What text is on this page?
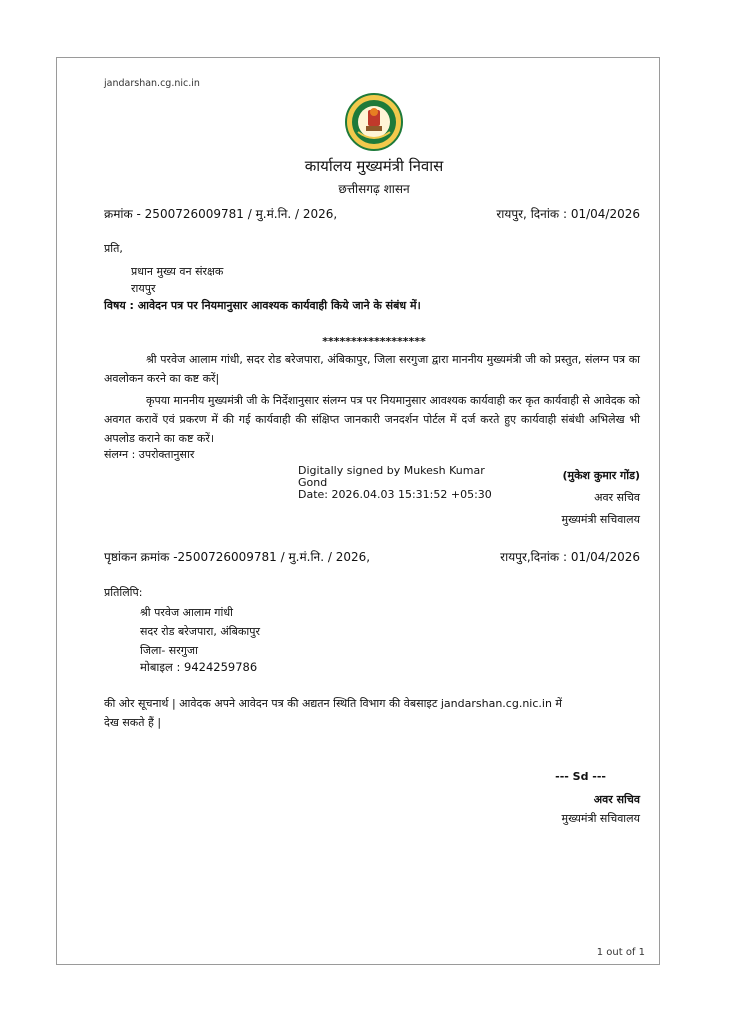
jandarshan.cg.nic.in
कार्यालय मुख्यमंत्री निवास
छत्तीसगढ़ शासन
क्रमांक - 2500726009781 / मु.मं.नि. / 2026,	रायपुर, दिनांक : 01/04/2026
प्रति,
प्रधान मुख्य वन संरक्षक
रायपुर
विषय : आवेदन पत्र पर नियमानुसार आवश्यक कार्यवाही किये जाने के संबंध में।
******************
श्री परवेज आलाम गांधी, सदर रोड बरेजपारा, अंबिकापुर, जिला सरगुजा द्वारा माननीय मुख्यमंत्री जी को प्रस्तुत, संलग्न पत्र का अवलोकन करने का कष्ट करें|
कृपया माननीय मुख्यमंत्री जी के निर्देशानुसार संलग्न पत्र पर नियमानुसार आवश्यक कार्यवाही कर कृत कार्यवाही से आवेदक को अवगत करावें एवं प्रकरण में की गई कार्यवाही की संक्षिप्त जानकारी जनदर्शन पोर्टल में दर्ज करते हुए कार्यवाही संबंधी अभिलेख भी अपलोड कराने का कष्ट करें।
संलग्न : उपरोक्तानुसार
Digitally signed by Mukesh Kumar
Gond
Date: 2026.04.03 15:31:52 +05:30
(मुकेश कुमार गोंड)
अवर सचिव
मुख्यमंत्री सचिवालय
पृष्ठांकन क्रमांक -2500726009781 / मु.मं.नि. / 2026,	रायपुर,दिनांक : 01/04/2026
प्रतिलिपि:
श्री परवेज आलाम गांधी
सदर रोड बरेजपारा, अंबिकापुर
जिला- सरगुजा
मोबाइल : 9424259786
की ओर सूचनार्थ | आवेदक अपने आवेदन पत्र की अद्यतन स्थिति विभाग की वेबसाइट jandarshan.cg.nic.in में
देख सकते हैं |
--- Sd ---
अवर सचिव
मुख्यमंत्री सचिवालय
1 out of 1
